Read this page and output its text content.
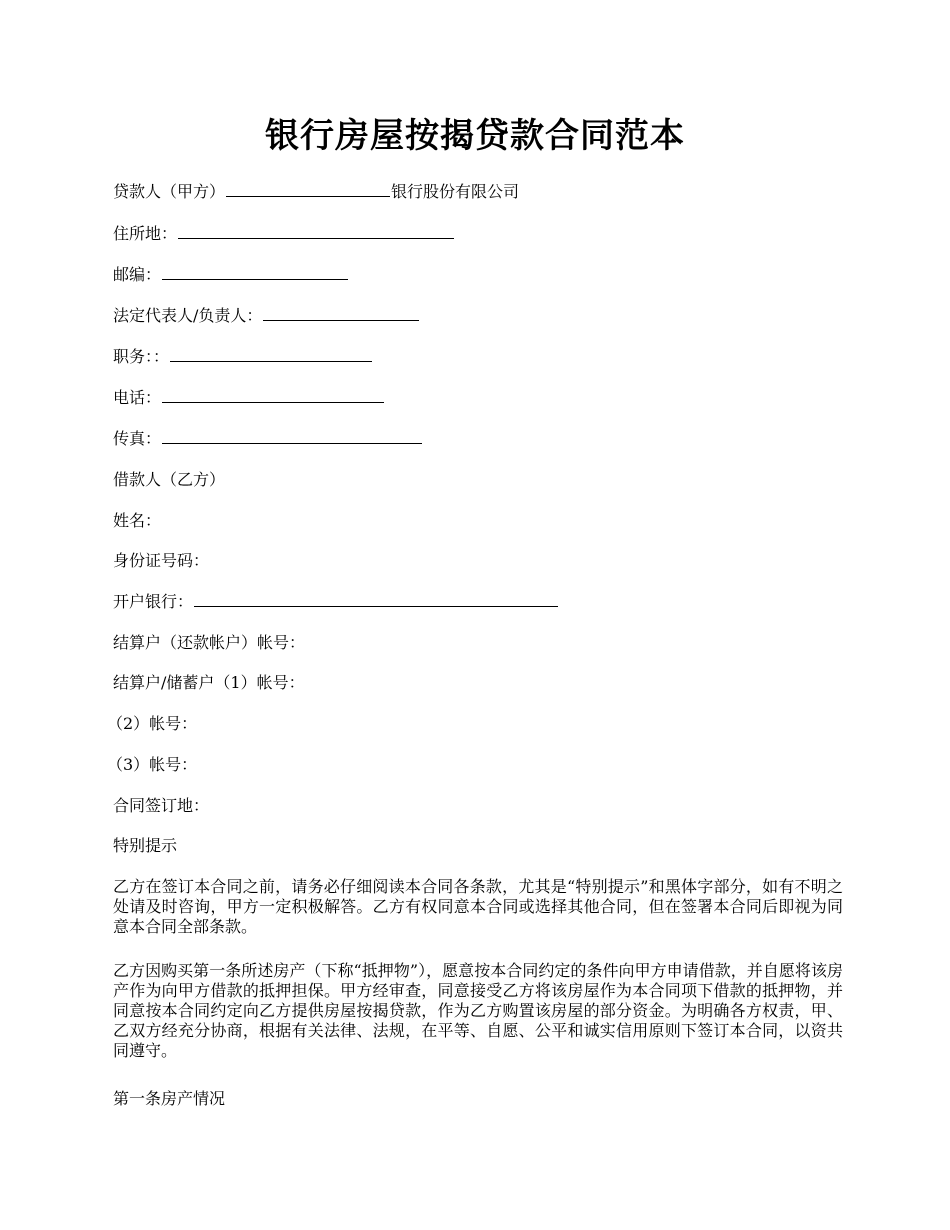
银行房屋按揭贷款合同范本
贷款人（甲方）	银行股份有限公司
住所地：
邮编：
法定代表人/负责人：
职务：：
电话：
传真：
借款人（乙方）
姓名：
身份证号码：
开户银行：
结算户（还款帐户）帐号：
结算户/储蓄户（1）帐号：
（2）帐号：
（3）帐号：
合同签订地：
特别提示
乙方在签订本合同之前，请务必仔细阅读本合同各条款，尤其是“特别提示”和黑体字部分，如有不明之处请及时咨询，甲方一定积极解答。乙方有权同意本合同或选择其他合同，但在签署本合同后即视为同意本合同全部条款。
乙方因购买第一条所述房产（下称“抵押物”），愿意按本合同约定的条件向甲方申请借款，并自愿将该房产作为向甲方借款的抵押担保。甲方经审查，同意接受乙方将该房屋作为本合同项下借款的抵押物，并同意按本合同约定向乙方提供房屋按揭贷款，作为乙方购置该房屋的部分资金。为明确各方权责，甲、乙双方经充分协商，根据有关法律、法规，在平等、自愿、公平和诚实信用原则下签订本合同，以资共同遵守。
第一条房产情况
